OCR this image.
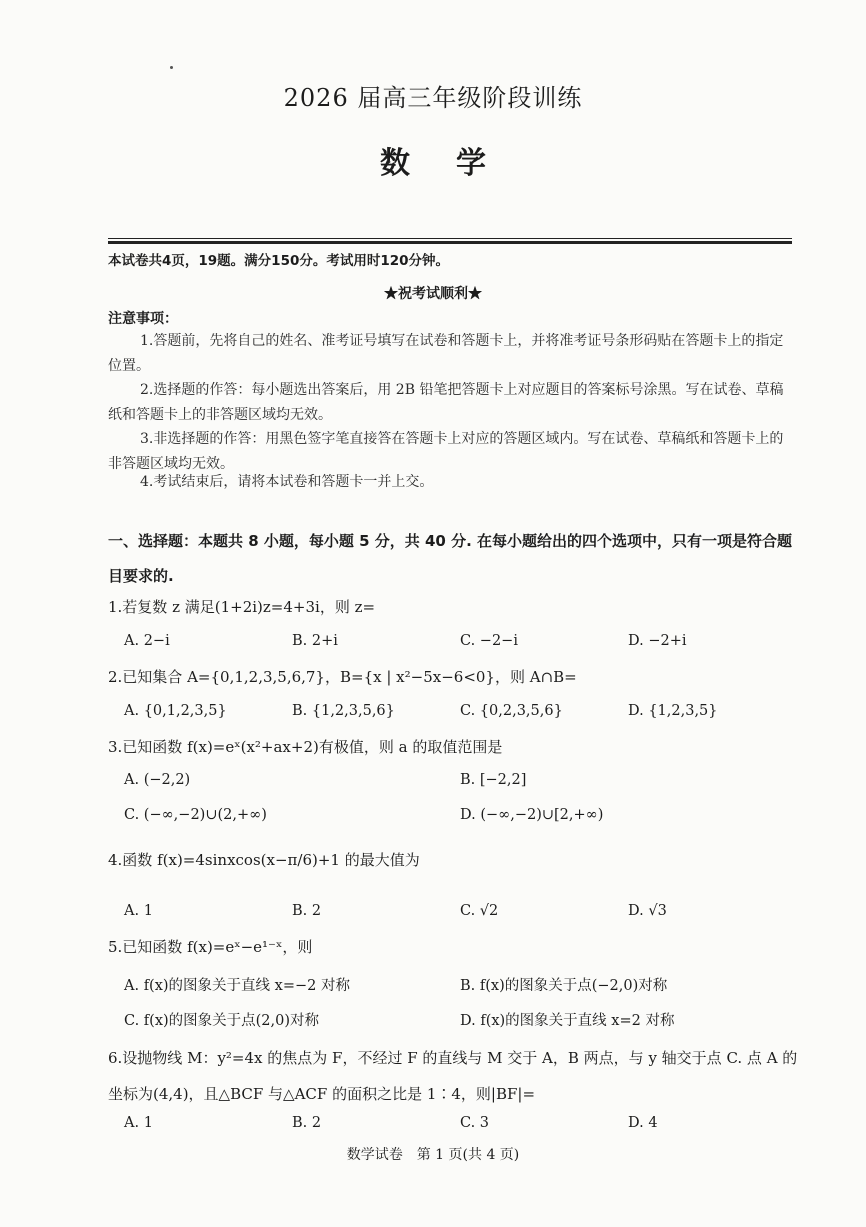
2026 届高三年级阶段训练
数学
本试卷共4页，19题。满分150分。考试用时120分钟。
★祝考试顺利★
注意事项：
1.答题前，先将自己的姓名、准考证号填写在试卷和答题卡上，并将准考证号条形码贴在答题卡上的指定位置。
2.选择题的作答：每小题选出答案后，用 2B 铅笔把答题卡上对应题目的答案标号涂黑。写在试卷、草稿纸和答题卡上的非答题区域均无效。
3.非选择题的作答：用黑色签字笔直接答在答题卡上对应的答题区域内。写在试卷、草稿纸和答题卡上的非答题区域均无效。
4.考试结束后，请将本试卷和答题卡一并上交。
一、选择题：本题共 8 小题，每小题 5 分，共 40 分. 在每小题给出的四个选项中，只有一项是符合题目要求的.
1.若复数 z 满足(1+2i)z=4+3i，则 z=
A. 2−i	B. 2+i	C. −2−i	D. −2+i
2.已知集合 A={0,1,2,3,5,6,7}，B={x | x²−5x−6<0}，则 A∩B=
A. {0,1,2,3,5}	B. {1,2,3,5,6}	C. {0,2,3,5,6}	D. {1,2,3,5}
3.已知函数 f(x)=eˣ(x²+ax+2)有极值，则 a 的取值范围是
A. (−2,2)	B. [−2,2]
C. (−∞,−2)∪(2,+∞)	D. (−∞,−2)∪[2,+∞)
4.函数 f(x)=4sinxcos(x−π/6)+1 的最大值为
A. 1	B. 2	C. √2	D. √3
5.已知函数 f(x)=eˣ−e¹⁻ˣ，则
A. f(x)的图象关于直线 x=−2 对称	B. f(x)的图象关于点(−2,0)对称
C. f(x)的图象关于点(2,0)对称	D. f(x)的图象关于直线 x=2 对称
6.设抛物线 M：y²=4x 的焦点为 F，不经过 F 的直线与 M 交于 A，B 两点，与 y 轴交于点 C. 点 A 的坐标为(4,4)，且△BCF 与△ACF 的面积之比是 1∶4，则|BF|=
A. 1	B. 2	C. 3	D. 4
数学试卷　第 1 页(共 4 页)
